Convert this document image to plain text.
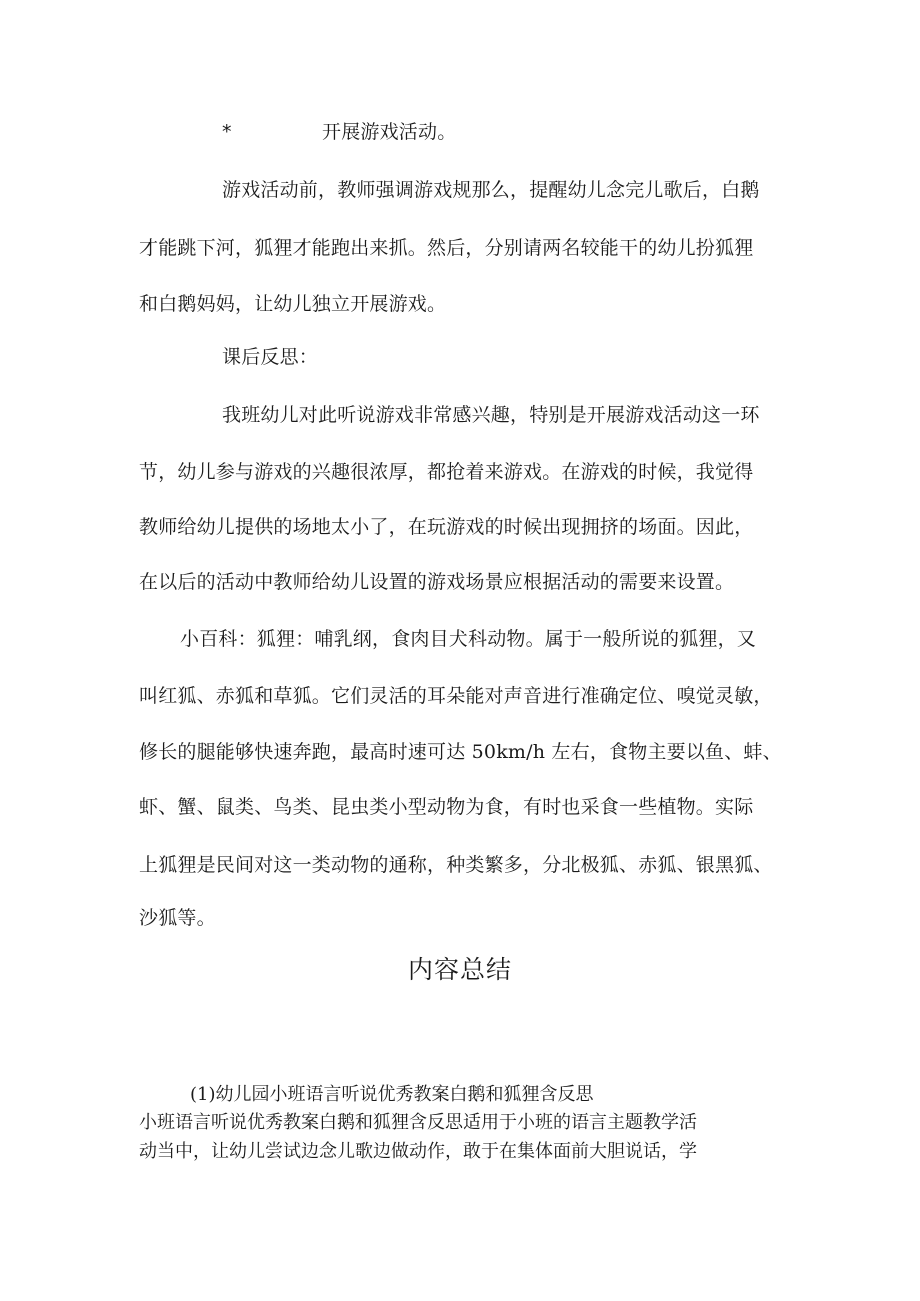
*	开展游戏活动。
游戏活动前，教师强调游戏规那么，提醒幼儿念完儿歌后，白鹅
才能跳下河，狐狸才能跑出来抓。然后，分别请两名较能干的幼儿扮狐狸
和白鹅妈妈，让幼儿独立开展游戏。
课后反思：
我班幼儿对此听说游戏非常感兴趣，特别是开展游戏活动这一环
节，幼儿参与游戏的兴趣很浓厚，都抢着来游戏。在游戏的时候，我觉得
教师给幼儿提供的场地太小了，在玩游戏的时候出现拥挤的场面。因此，
在以后的活动中教师给幼儿设置的游戏场景应根据活动的需要来设置。
小百科：狐狸：哺乳纲，食肉目犬科动物。属于一般所说的狐狸，又
叫红狐、赤狐和草狐。它们灵活的耳朵能对声音进行准确定位、嗅觉灵敏，
修长的腿能够快速奔跑，最高时速可达 50km/h 左右，食物主要以鱼、蚌、
虾、蟹、鼠类、鸟类、昆虫类小型动物为食，有时也采食一些植物。实际
上狐狸是民间对这一类动物的通称，种类繁多，分北极狐、赤狐、银黑狐、
沙狐等。
内容总结
(1)幼儿园小班语言听说优秀教案白鹅和狐狸含反思
小班语言听说优秀教案白鹅和狐狸含反思适用于小班的语言主题教学活
动当中，让幼儿尝试边念儿歌边做动作，敢于在集体面前大胆说话，学
